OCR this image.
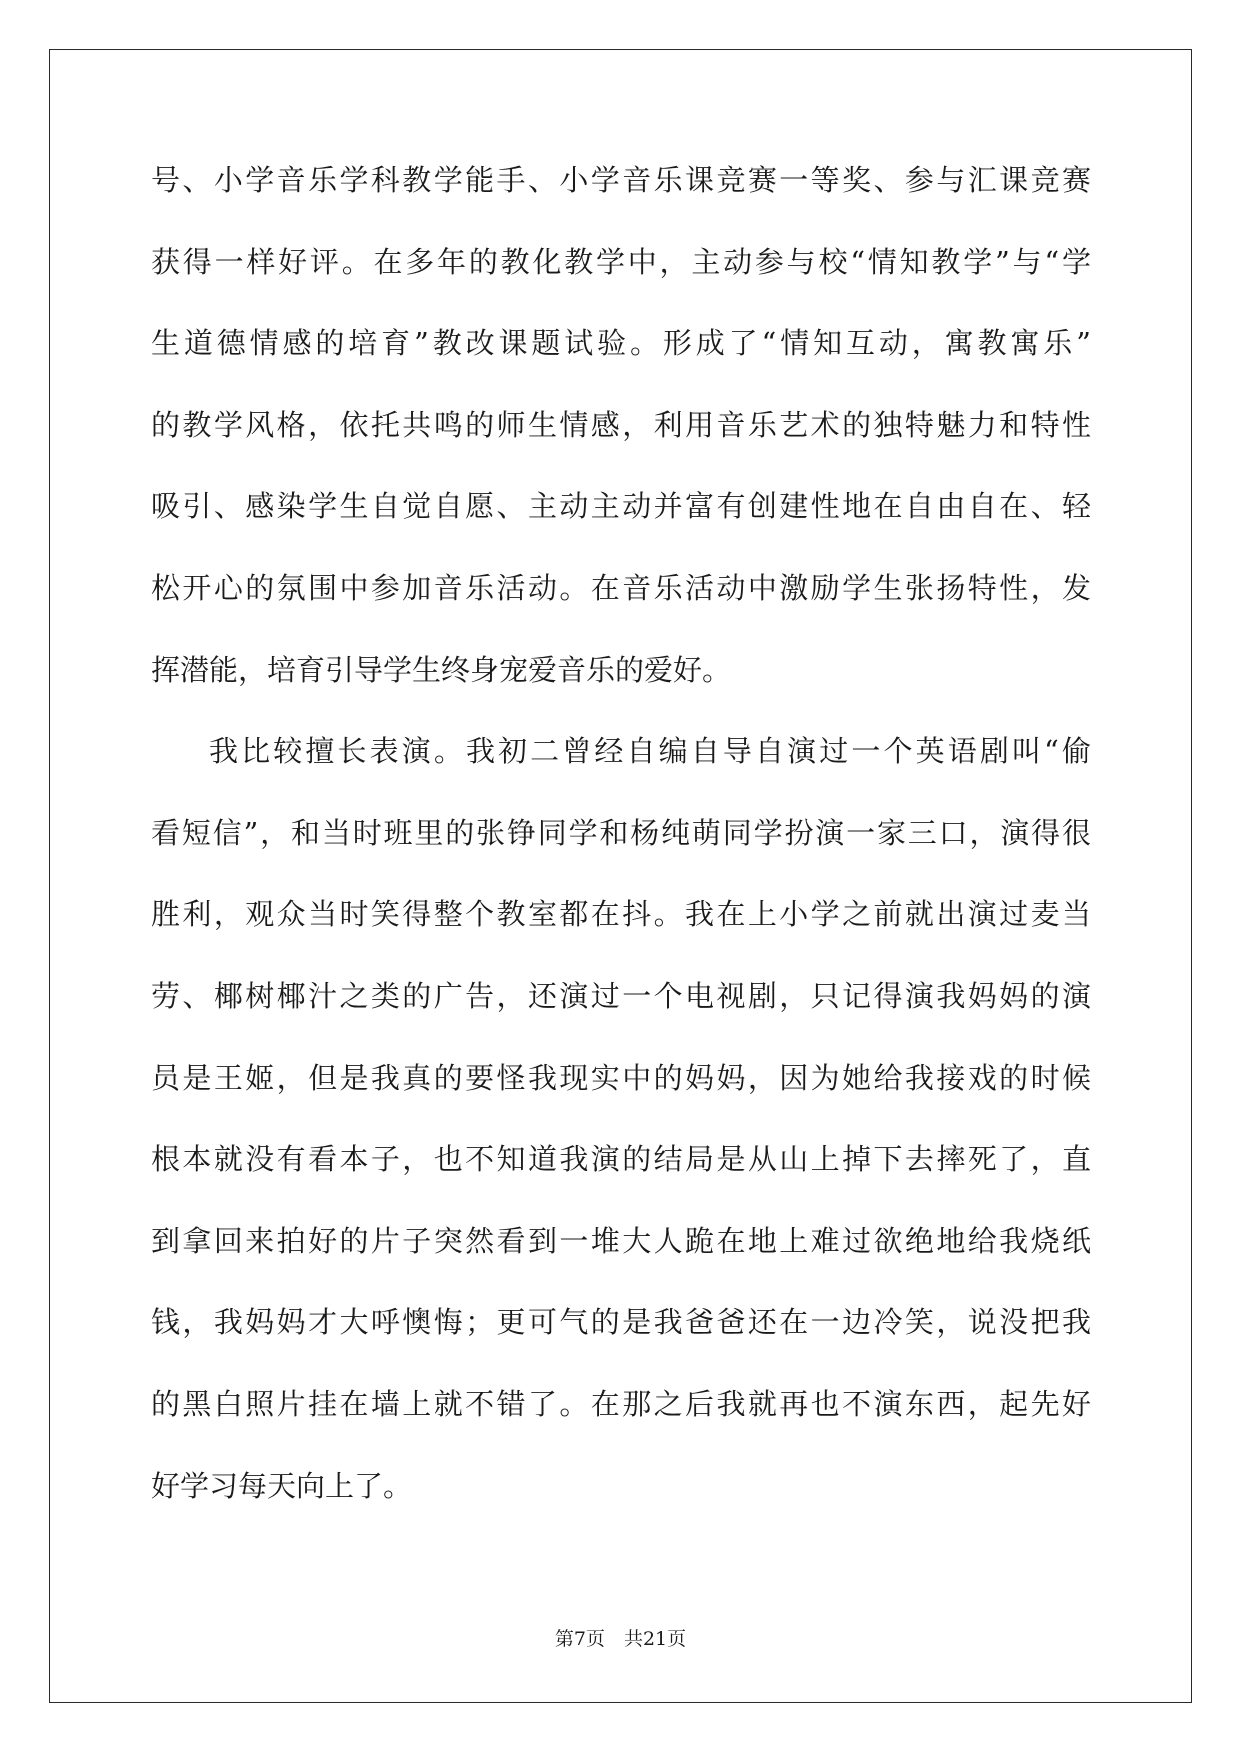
号、小学音乐学科教学能手、小学音乐课竞赛一等奖、参与汇课竞赛
获得一样好评。在多年的教化教学中，主动参与校“情知教学”与“学
生道德情感的培育”教改课题试验。形成了“情知互动，寓教寓乐”
的教学风格，依托共鸣的师生情感，利用音乐艺术的独特魅力和特性
吸引、感染学生自觉自愿、主动主动并富有创建性地在自由自在、轻
松开心的氛围中参加音乐活动。在音乐活动中激励学生张扬特性，发
挥潜能，培育引导学生终身宠爱音乐的爱好。
我比较擅长表演。我初二曾经自编自导自演过一个英语剧叫“偷
看短信”，和当时班里的张铮同学和杨纯萌同学扮演一家三口，演得很
胜利，观众当时笑得整个教室都在抖。我在上小学之前就出演过麦当
劳、椰树椰汁之类的广告，还演过一个电视剧，只记得演我妈妈的演
员是王姬，但是我真的要怪我现实中的妈妈，因为她给我接戏的时候
根本就没有看本子，也不知道我演的结局是从山上掉下去摔死了，直
到拿回来拍好的片子突然看到一堆大人跪在地上难过欲绝地给我烧纸
钱，我妈妈才大呼懊悔；更可气的是我爸爸还在一边冷笑，说没把我
的黑白照片挂在墙上就不错了。在那之后我就再也不演东西，起先好
好学习每天向上了。
第7页　共21页
